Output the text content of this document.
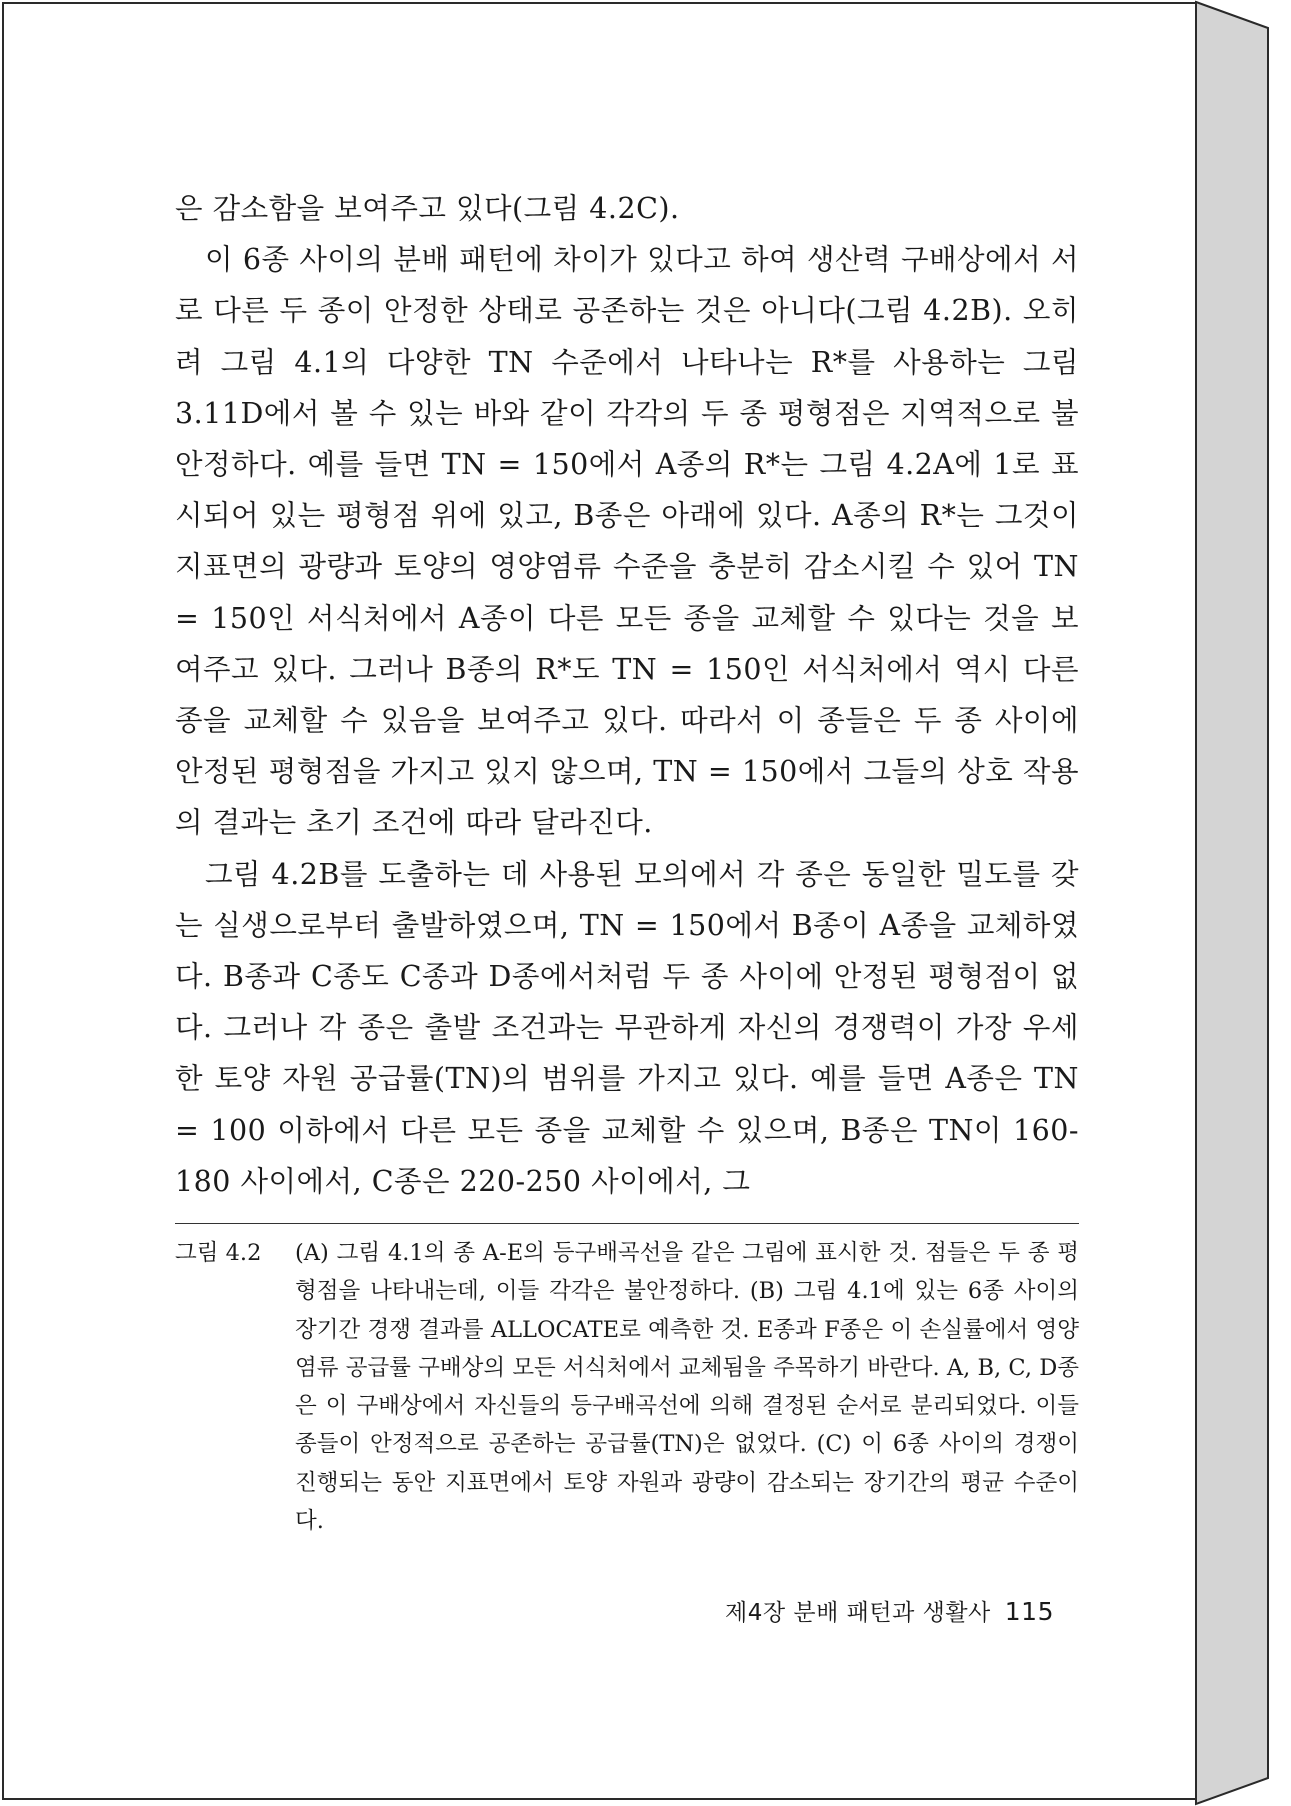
은 감소함을 보여주고 있다(그림 4.2C).

이 6종 사이의 분배 패턴에 차이가 있다고 하여 생산력 구배상에서 서로 다른 두 종이 안정한 상태로 공존하는 것은 아니다(그림 4.2B). 오히려 그림 4.1의 다양한 TN 수준에서 나타나는 R*를 사용하는 그림 3.11D에서 볼 수 있는 바와 같이 각각의 두 종 평형점은 지역적으로 불안정하다. 예를 들면 TN = 150에서 A종의 R*는 그림 4.2A에 1로 표시되어 있는 평형점 위에 있고, B종은 아래에 있다. A종의 R*는 그것이 지표면의 광량과 토양의 영양염류 수준을 충분히 감소시킬 수 있어 TN = 150인 서식처에서 A종이 다른 모든 종을 교체할 수 있다는 것을 보여주고 있다. 그러나 B종의 R*도 TN = 150인 서식처에서 역시 다른 종을 교체할 수 있음을 보여주고 있다. 따라서 이 종들은 두 종 사이에 안정된 평형점을 가지고 있지 않으며, TN = 150에서 그들의 상호 작용의 결과는 초기 조건에 따라 달라진다.

그림 4.2B를 도출하는 데 사용된 모의에서 각 종은 동일한 밀도를 갖는 실생으로부터 출발하였으며, TN = 150에서 B종이 A종을 교체하였다. B종과 C종도 C종과 D종에서처럼 두 종 사이에 안정된 평형점이 없다. 그러나 각 종은 출발 조건과는 무관하게 자신의 경쟁력이 가장 우세한 토양 자원 공급률(TN)의 범위를 가지고 있다. 예를 들면 A종은 TN = 100 이하에서 다른 모든 종을 교체할 수 있으며, B종은 TN이 160-180 사이에서, C종은 220-250 사이에서, 그

그림 4.2	(A) 그림 4.1의 종 A-E의 등구배곡선을 같은 그림에 표시한 것. 점들은 두 종 평형점을 나타내는데, 이들 각각은 불안정하다. (B) 그림 4.1에 있는 6종 사이의 장기간 경쟁 결과를 ALLOCATE로 예측한 것. E종과 F종은 이 손실률에서 영양염류 공급률 구배상의 모든 서식처에서 교체됨을 주목하기 바란다. A, B, C, D종은 이 구배상에서 자신들의 등구배곡선에 의해 결정된 순서로 분리되었다. 이들 종들이 안정적으로 공존하는 공급률(TN)은 없었다. (C) 이 6종 사이의 경쟁이 진행되는 동안 지표면에서 토양 자원과 광량이 감소되는 장기간의 평균 수준이다.
제4장 분배 패턴과 생활사 115
